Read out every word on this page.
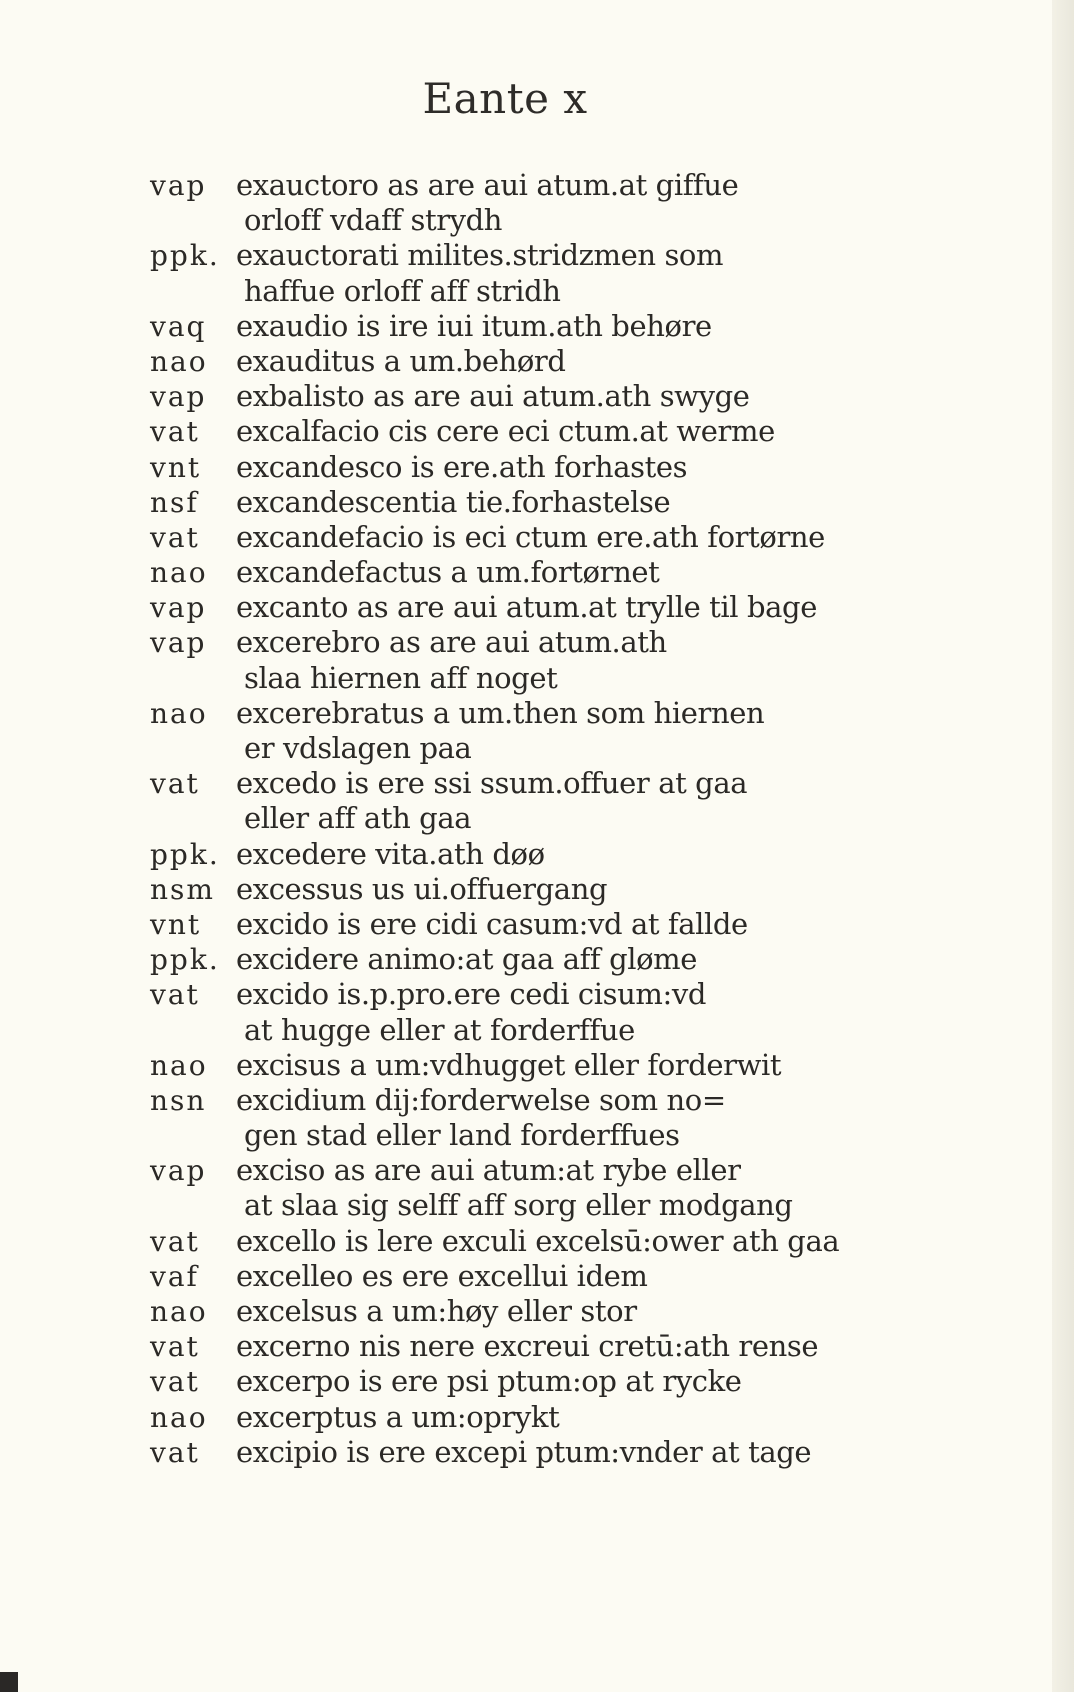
Eante x
vap exauctoro as are aui atum.at giffue
orloff vdaff strydh
ppk. exauctorati milites.stridzmen som
haffue orloff aff stridh
vaq exaudio is ire iui itum.ath behøre
nao exauditus a um.behørd
vap exbalisto as are aui atum.ath swyge
vat excalfacio cis cere eci ctum.at werme
vnt excandesco is ere.ath forhastes
nsf excandescentia tie.forhastelse
vat excandefacio is eci ctum ere.ath fortørne
nao excandefactus a um.fortørnet
vap excanto as are aui atum.at trylle til bage
vap excerebro as are aui atum.ath
slaa hiernen aff noget
nao excerebratus a um.then som hiernen
er vdslagen paa
vat excedo is ere ssi ssum.offuer at gaa
eller aff ath gaa
ppk. excedere vita.ath døø
nsm excessus us ui.offuergang
vnt excido is ere cidi casum:vd at fallde
ppk. excidere animo:at gaa aff gløme
vat excido is.p.pro.ere cedi cisum:vd
at hugge eller at forderffue
nao excisus a um:vdhugget eller forderwit
nsn excidium dij:forderwelse som no=
gen stad eller land forderffues
vap exciso as are aui atum:at rybe eller
at slaa sig selff aff sorg eller modgang
vat excello is lere exculi excelsū:ower ath gaa
vaf excelleo es ere excellui idem
nao excelsus a um:høy eller stor
vat excerno nis nere excreui cretū:ath rense
vat excerpo is ere psi ptum:op at rycke
nao excerptus a um:oprykt
vat excipio is ere excepi ptum:vnder at tage
